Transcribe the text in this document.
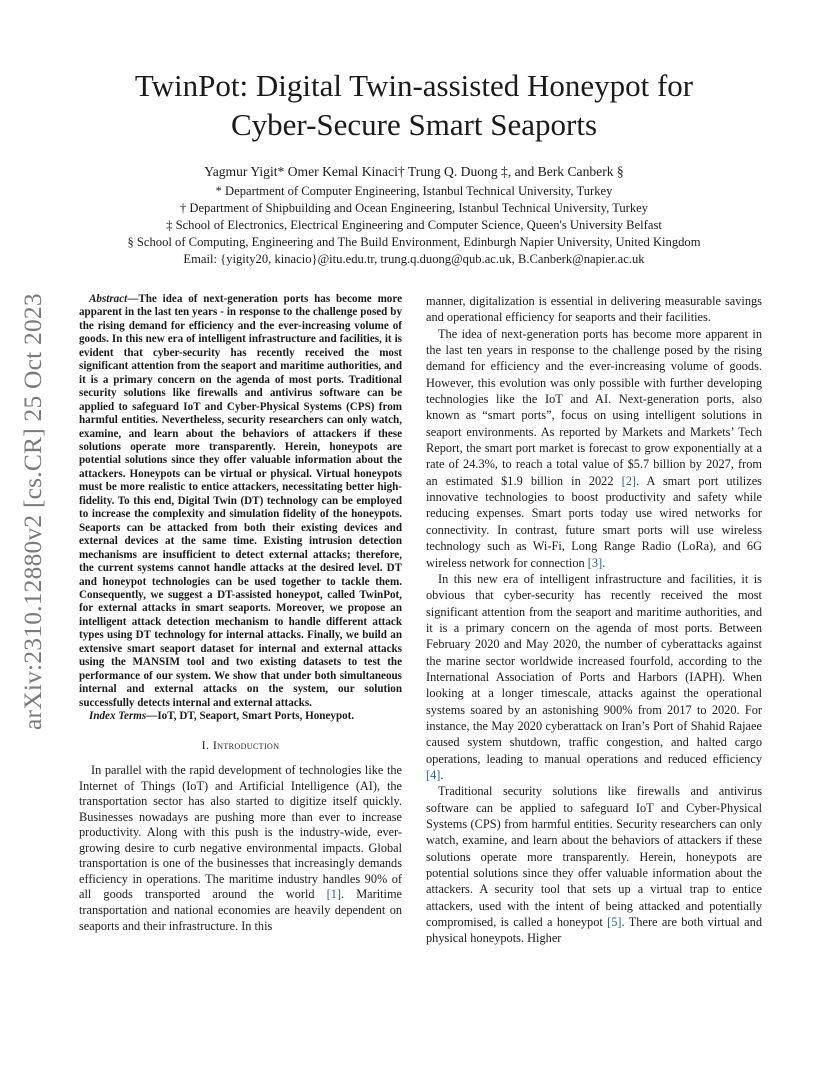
TwinPot: Digital Twin-assisted Honeypot for
Cyber-Secure Smart Seaports
Yagmur Yigit* Omer Kemal Kinaci† Trung Q. Duong ‡, and Berk Canberk §
* Department of Computer Engineering, Istanbul Technical University, Turkey
† Department of Shipbuilding and Ocean Engineering, Istanbul Technical University, Turkey
‡ School of Electronics, Electrical Engineering and Computer Science, Queen's University Belfast
§ School of Computing, Engineering and The Build Environment, Edinburgh Napier University, United Kingdom
Email: {yigity20, kinacio}@itu.edu.tr, trung.q.duong@qub.ac.uk, B.Canberk@napier.ac.uk
arXiv:2310.12880v2 [cs.CR] 25 Oct 2023	Abstract—The idea of next-generation ports has become more apparent in the last ten years - in response to the challenge posed by the rising demand for efficiency and the ever-increasing volume of goods. In this new era of intelligent infrastructure and facilities, it is evident that cyber-security has recently received the most significant attention from the seaport and maritime authorities, and it is a primary concern on the agenda of most ports. Traditional security solutions like firewalls and antivirus software can be applied to safeguard IoT and Cyber-Physical Systems (CPS) from harmful entities. Nevertheless, security researchers can only watch, examine, and learn about the behaviors of attackers if these solutions operate more transparently. Herein, honeypots are potential solutions since they offer valuable information about the attackers. Honeypots can be virtual or physical. Virtual honeypots must be more realistic to entice attackers, necessitating better high-fidelity. To this end, Digital Twin (DT) technology can be employed to increase the complexity and simulation fidelity of the honeypots. Seaports can be attacked from both their existing devices and external devices at the same time. Existing intrusion detection mechanisms are insufficient to detect external attacks; therefore, the current systems cannot handle attacks at the desired level. DT and honeypot technologies can be used together to tackle them. Consequently, we suggest a DT-assisted honeypot, called TwinPot, for external attacks in smart seaports. Moreover, we propose an intelligent attack detection mechanism to handle different attack types using DT technology for internal attacks. Finally, we build an extensive smart seaport dataset for internal and external attacks using the MANSIM tool and two existing datasets to test the performance of our system. We show that under both simultaneous internal and external attacks on the system, our solution successfully detects internal and external attacks.

Index Terms—IoT, DT, Seaport, Smart Ports, Honeypot.

I. Introduction

In parallel with the rapid development of technologies like the Internet of Things (IoT) and Artificial Intelligence (AI), the transportation sector has also started to digitize itself quickly. Businesses nowadays are pushing more than ever to increase productivity. Along with this push is the industry-wide, ever-growing desire to curb negative environmental impacts. Global transportation is one of the businesses that increasingly demands efficiency in operations. The maritime industry handles 90% of all goods transported around the world [1]. Maritime transportation and national economies are heavily dependent on seaports and their infrastructure. In this

manner, digitalization is essential in delivering measurable savings and operational efficiency for seaports and their facilities.

The idea of next-generation ports has become more apparent in the last ten years in response to the challenge posed by the rising demand for efficiency and the ever-increasing volume of goods. However, this evolution was only possible with further developing technologies like the IoT and AI. Next-generation ports, also known as “smart ports”, focus on using intelligent solutions in seaport environments. As reported by Markets and Markets’ Tech Report, the smart port market is forecast to grow exponentially at a rate of 24.3%, to reach a total value of $5.7 billion by 2027, from an estimated $1.9 billion in 2022 [2]. A smart port utilizes innovative technologies to boost productivity and safety while reducing expenses. Smart ports today use wired networks for connectivity. In contrast, future smart ports will use wireless technology such as Wi-Fi, Long Range Radio (LoRa), and 6G wireless network for connection [3].

In this new era of intelligent infrastructure and facilities, it is obvious that cyber-security has recently received the most significant attention from the seaport and maritime authorities, and it is a primary concern on the agenda of most ports. Between February 2020 and May 2020, the number of cyberattacks against the marine sector worldwide increased fourfold, according to the International Association of Ports and Harbors (IAPH). When looking at a longer timescale, attacks against the operational systems soared by an astonishing 900% from 2017 to 2020. For instance, the May 2020 cyberattack on Iran’s Port of Shahid Rajaee caused system shutdown, traffic congestion, and halted cargo operations, leading to manual operations and reduced efficiency [4].

Traditional security solutions like firewalls and antivirus software can be applied to safeguard IoT and Cyber-Physical Systems (CPS) from harmful entities. Security researchers can only watch, examine, and learn about the behaviors of attackers if these solutions operate more transparently. Herein, honeypots are potential solutions since they offer valuable information about the attackers. A security tool that sets up a virtual trap to entice attackers, used with the intent of being attacked and potentially compromised, is called a honeypot [5]. There are both virtual and physical honeypots. Higher
